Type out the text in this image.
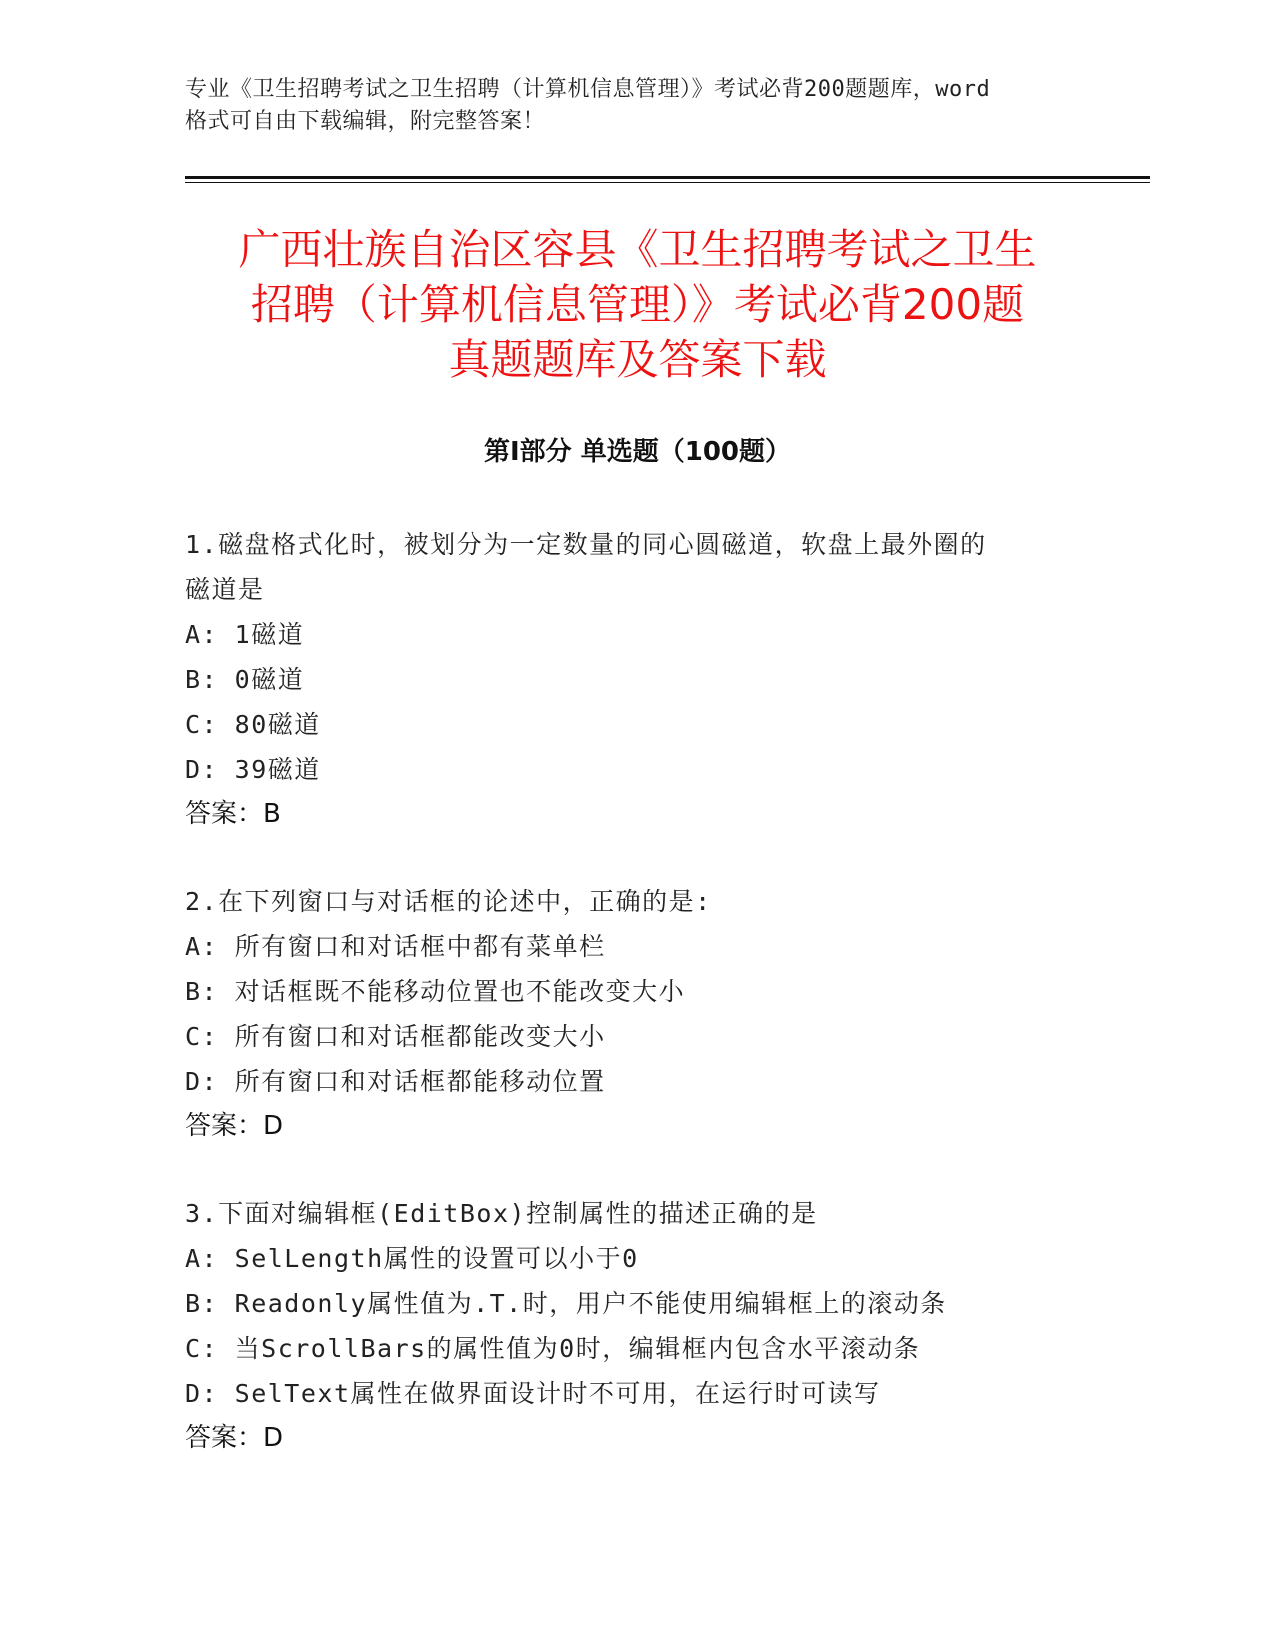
专业《卫生招聘考试之卫生招聘（计算机信息管理）》考试必背200题题库，word
格式可自由下载编辑，附完整答案！
广西壮族自治区容县《卫生招聘考试之卫生
招聘（计算机信息管理）》考试必背200题
真题题库及答案下载
第Ⅰ部分 单选题（100题）

1.磁盘格式化时，被划分为一定数量的同心圆磁道，软盘上最外圈的

磁道是

A: 1磁道

B: 0磁道

C: 80磁道

D: 39磁道

答案：B

2.在下列窗口与对话框的论述中，正确的是:

A: 所有窗口和对话框中都有菜单栏

B: 对话框既不能移动位置也不能改变大小

C: 所有窗口和对话框都能改变大小

D: 所有窗口和对话框都能移动位置

答案：D

3.下面对编辑框(EditBox)控制属性的描述正确的是

A: SelLength属性的设置可以小于0

B: Readonly属性值为.T.时，用户不能使用编辑框上的滚动条

C: 当ScrollBars的属性值为0时，编辑框内包含水平滚动条

D: SelText属性在做界面设计时不可用，在运行时可读写

答案：D
